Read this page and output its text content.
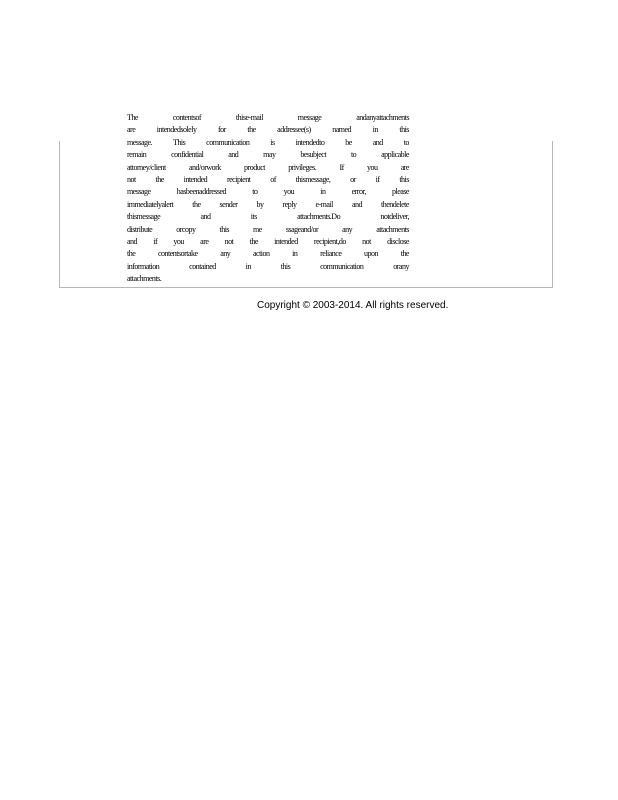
The	contentsof	thise-mail	message	andanyattachments
are	intendedsolely	for	the	addressee(s)	named	in	this
message.	This	communication	is	intendedto	be	and	to
remain	confidential	and	may	besubject	to	applicable
attorney/client	and/orwork	product	privileges.	If	you	are
not the intended recipient of thismessage, or if this
message	hasbeenaddressed	to	you	in	error,	please
immediatelyalert the sender by reply e-mail and thendelete
thismessage	and	its	attachments.Do	notdeliver,
distribute	orcopy	this	me	ssageand/or	any	attachments
and if you are not the intended recipient,do not disclose
the	contentsortake	any	action	in	reliance	upon	the
information	contained	in	this	communication	orany
attachments.
Copyright © 2003-2014. All rights reserved.
